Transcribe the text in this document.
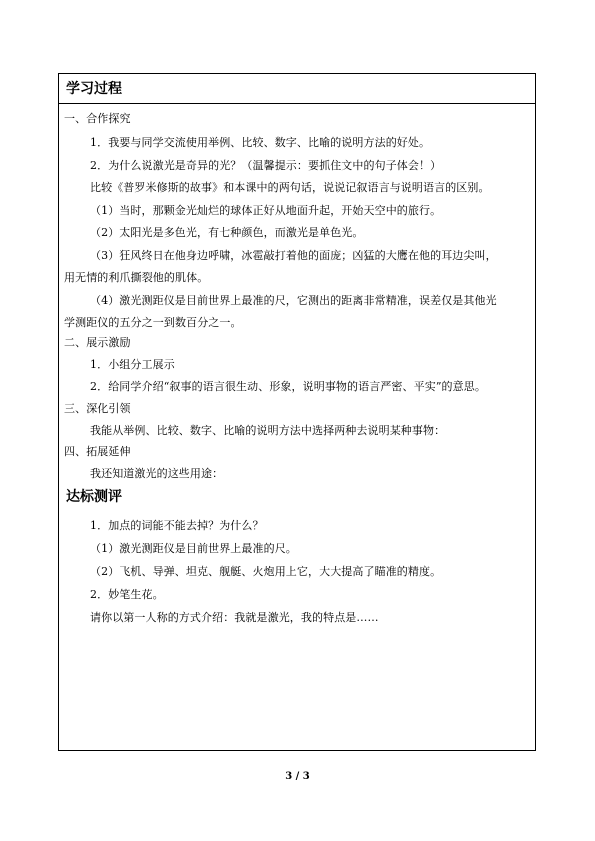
学习过程
一、合作探究
1．我要与同学交流使用举例、比较、数字、比喻的说明方法的好处。
2．为什么说激光是奇异的光？（温馨提示：要抓住文中的句子体会！）
比较《普罗米修斯的故事》和本课中的两句话，说说记叙语言与说明语言的区别。
（1）当时，那颗金光灿烂的球体正好从地面升起，开始天空中的旅行。
（2）太阳光是多色光，有七种颜色，而激光是单色光。
（3）狂风终日在他身边呼啸，冰雹敲打着他的面庞；凶猛的大鹰在他的耳边尖叫，
用无情的利爪撕裂他的肌体。
（4）激光测距仪是目前世界上最准的尺，它测出的距离非常精准，误差仅是其他光
学测距仪的五分之一到数百分之一。
二、展示激励
1．小组分工展示
2．给同学介绍“叙事的语言很生动、形象，说明事物的语言严密、平实”的意思。
三、深化引领
我能从举例、比较、数字、比喻的说明方法中选择两种去说明某种事物：
四、拓展延伸
我还知道激光的这些用途：
达标测评
1．加点的词能不能去掉？为什么？
（1）激光测距仪是目前世界上最准的尺。
（2）飞机、导弹、坦克、舰艇、火炮用上它，大大提高了瞄准的精度。
2．妙笔生花。
请你以第一人称的方式介绍：我就是激光，我的特点是……
3 / 3
